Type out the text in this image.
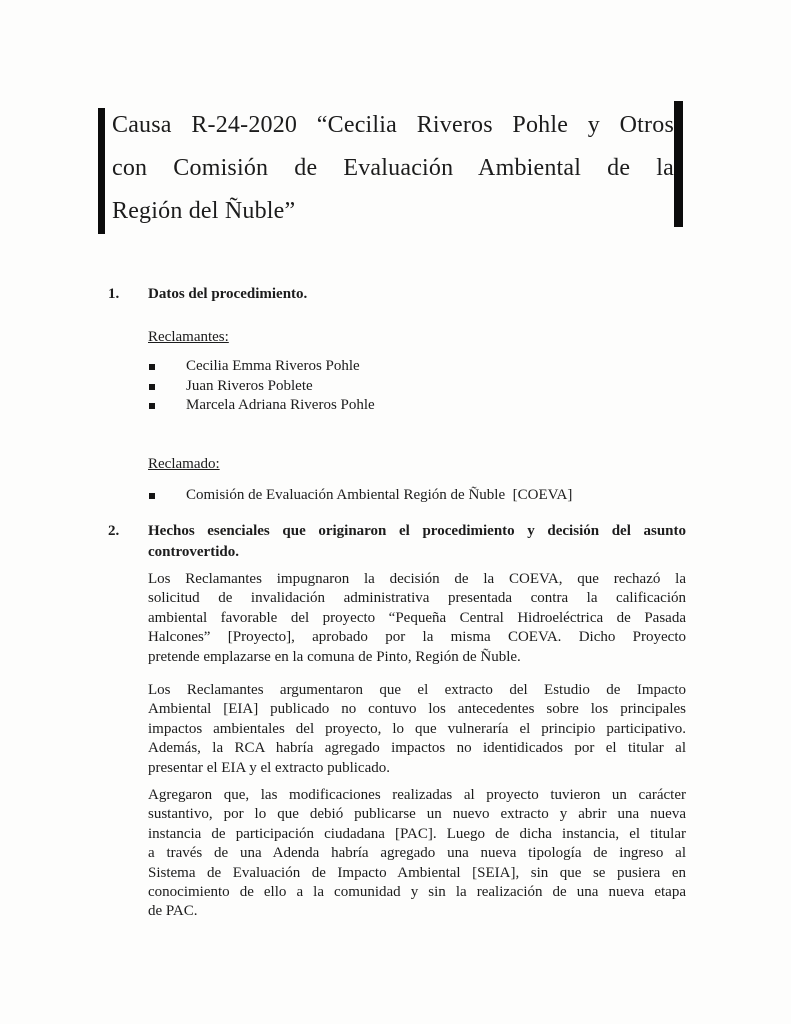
Causa R-24-2020 “Cecilia Riveros Pohle y Otros
con Comisión de Evaluación Ambiental de la
Región del Ñuble”
1. Datos del procedimiento.
Reclamantes:
Cecilia Emma Riveros Pohle
Juan Riveros Poblete
Marcela Adriana Riveros Pohle
Reclamado:
Comisión de Evaluación Ambiental Región de Ñuble  [COEVA]
2. Hechos esenciales que originaron el procedimiento y decisión del asunto
controvertido.
Los Reclamantes impugnaron la decisión de la COEVA, que rechazó la
solicitud de invalidación administrativa presentada contra la calificación
ambiental favorable del proyecto “Pequeña Central Hidroeléctrica de Pasada
Halcones” [Proyecto], aprobado por la misma COEVA. Dicho Proyecto
pretende emplazarse en la comuna de Pinto, Región de Ñuble.
Los Reclamantes argumentaron que el extracto del Estudio de Impacto
Ambiental [EIA] publicado no contuvo los antecedentes sobre los principales
impactos ambientales del proyecto, lo que vulneraría el principio participativo.
Además, la RCA habría agregado impactos no identidicados por el titular al
presentar el EIA y el extracto publicado.
Agregaron que, las modificaciones realizadas al proyecto tuvieron un carácter
sustantivo, por lo que debió publicarse un nuevo extracto y abrir una nueva
instancia de participación ciudadana [PAC]. Luego de dicha instancia, el titular
a través de una Adenda habría agregado una nueva tipología de ingreso al
Sistema de Evaluación de Impacto Ambiental [SEIA], sin que se pusiera en
conocimiento de ello a la comunidad y sin la realización de una nueva etapa
de PAC.
